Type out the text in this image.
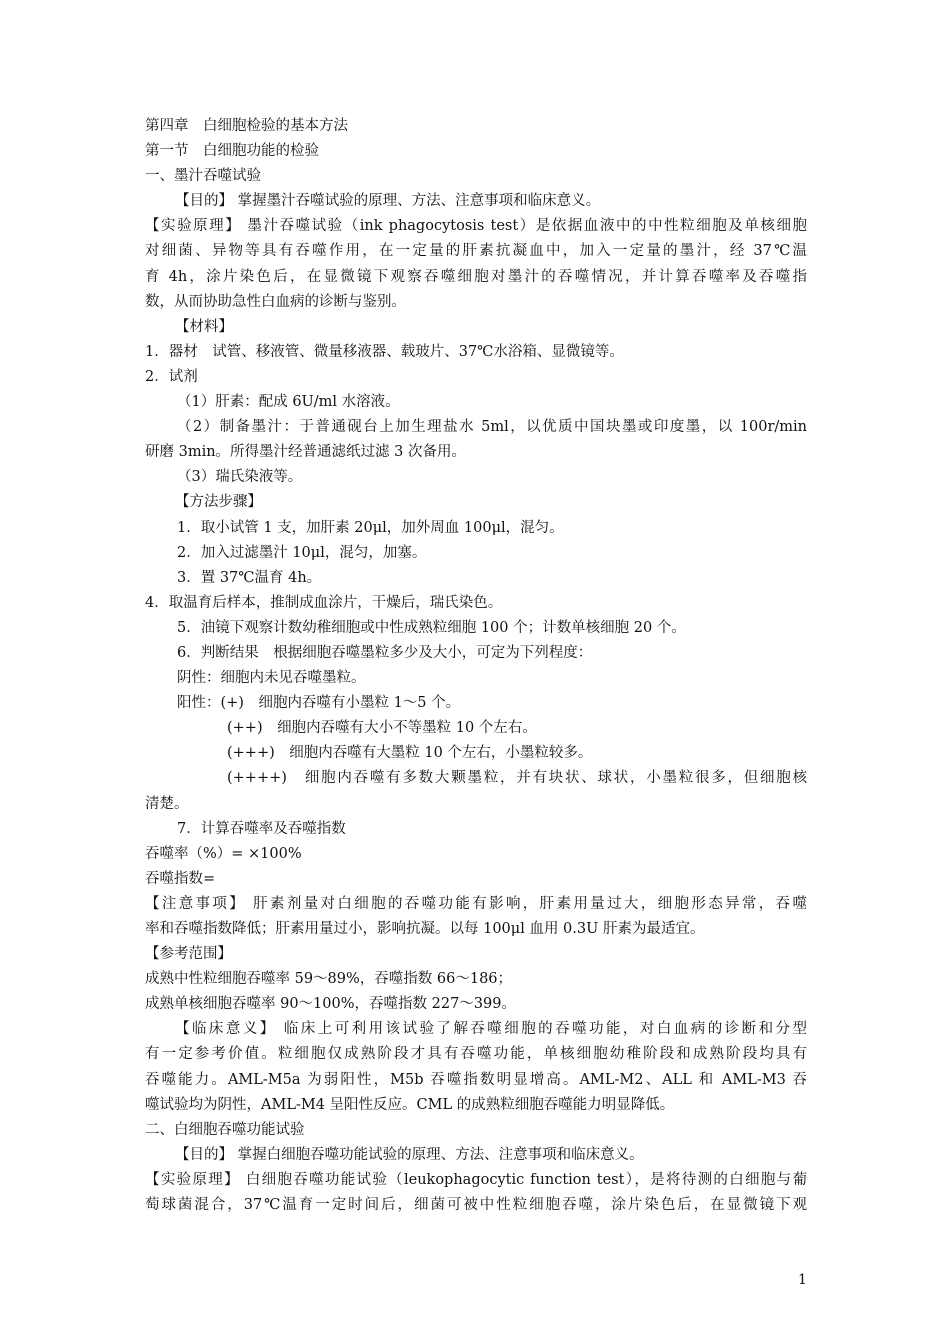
第四章　白细胞检验的基本方法
第一节　白细胞功能的检验
一、墨汁吞噬试验
【目的】 掌握墨汁吞噬试验的原理、方法、注意事项和临床意义。
【实验原理】 墨汁吞噬试验（ink phagocytosis test）是依据血液中的中性粒细胞及单核细胞
对细菌、异物等具有吞噬作用，在一定量的肝素抗凝血中，加入一定量的墨汁，经 37℃温
育 4h，涂片染色后，在显微镜下观察吞噬细胞对墨汁的吞噬情况，并计算吞噬率及吞噬指
数，从而协助急性白血病的诊断与鉴别。
【材料】
1．器材　试管、移液管、微量移液器、载玻片、37℃水浴箱、显微镜等。
2．试剂
（1）肝素：配成 6U/ml 水溶液。
（2）制备墨汁：于普通砚台上加生理盐水 5ml，以优质中国块墨或印度墨，以 100r/min
研磨 3min。所得墨汁经普通滤纸过滤 3 次备用。
（3）瑞氏染液等。
【方法步骤】
1．取小试管 1 支，加肝素 20μl，加外周血 100μl，混匀。
2．加入过滤墨汁 10μl，混匀，加塞。
3．置 37℃温育 4h。
4．取温育后样本，推制成血涂片，干燥后，瑞氏染色。
5．油镜下观察计数幼稚细胞或中性成熟粒细胞 100 个；计数单核细胞 20 个。
6．判断结果　根据细胞吞噬墨粒多少及大小，可定为下列程度：
阴性：细胞内未见吞噬墨粒。
阳性：(+)　细胞内吞噬有小墨粒 1～5 个。
(++)　细胞内吞噬有大小不等墨粒 10 个左右。
(+++)　细胞内吞噬有大墨粒 10 个左右，小墨粒较多。
(++++)　细胞内吞噬有多数大颗墨粒，并有块状、球状，小墨粒很多，但细胞核
清楚。
7．计算吞噬率及吞噬指数
吞噬率（%）= ×100%
吞噬指数=
【注意事项】 肝素剂量对白细胞的吞噬功能有影响，肝素用量过大，细胞形态异常，吞噬
率和吞噬指数降低；肝素用量过小，影响抗凝。以每 100μl 血用 0.3U 肝素为最适宜。
【参考范围】
成熟中性粒细胞吞噬率 59～89%，吞噬指数 66～186；
成熟单核细胞吞噬率 90～100%，吞噬指数 227～399。
【临床意义】 临床上可利用该试验了解吞噬细胞的吞噬功能，对白血病的诊断和分型
有一定参考价值。粒细胞仅成熟阶段才具有吞噬功能，单核细胞幼稚阶段和成熟阶段均具有
吞噬能力。AML-M5a 为弱阳性，M5b 吞噬指数明显增高。AML-M2、ALL 和 AML-M3 吞
噬试验均为阴性，AML-M4 呈阳性反应。CML 的成熟粒细胞吞噬能力明显降低。
二、白细胞吞噬功能试验
【目的】 掌握白细胞吞噬功能试验的原理、方法、注意事项和临床意义。
【实验原理】 白细胞吞噬功能试验（leukophagocytic function test），是将待测的白细胞与葡
萄球菌混合，37℃温育一定时间后，细菌可被中性粒细胞吞噬，涂片染色后，在显微镜下观
1
